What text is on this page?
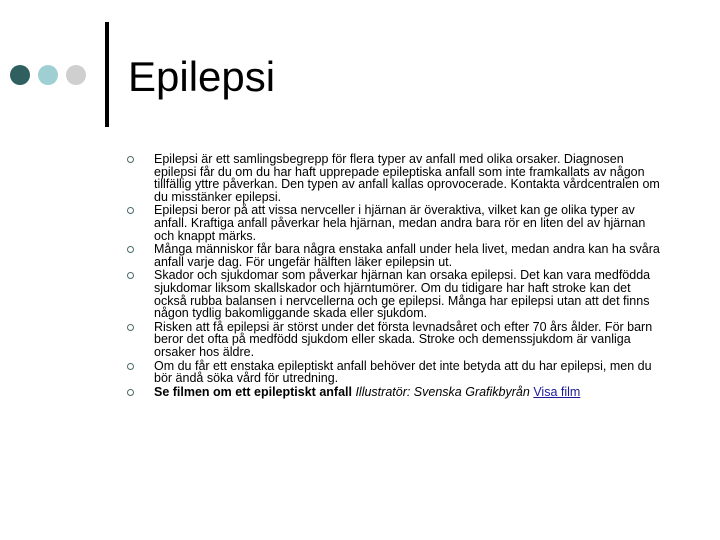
Epilepsi
Epilepsi är ett samlingsbegrepp för flera typer av anfall med olika orsaker. Diagnosen epilepsi får du om du har haft upprepade epileptiska anfall som inte framkallats av någon tillfällig yttre påverkan. Den typen av anfall kallas oprovocerade. Kontakta vårdcentralen om du misstänker epilepsi.
Epilepsi beror på att vissa nervceller i hjärnan är överaktiva, vilket kan ge olika typer av anfall. Kraftiga anfall påverkar hela hjärnan, medan andra bara rör en liten del av hjärnan och knappt märks.
Många människor får bara några enstaka anfall under hela livet, medan andra kan ha svåra anfall varje dag. För ungefär hälften läker epilepsin ut.
Skador och sjukdomar som påverkar hjärnan kan orsaka epilepsi. Det kan vara medfödda sjukdomar liksom skallskador och hjärntumörer. Om du tidigare har haft stroke kan det också rubba balansen i nervcellerna och ge epilepsi. Många har epilepsi utan att det finns någon tydlig bakomliggande skada eller sjukdom.
Risken att få epilepsi är störst under det första levnadsåret och efter 70 års ålder. För barn beror det ofta på medfödd sjukdom eller skada. Stroke och demenssjukdom är vanliga orsaker hos äldre.
Om du får ett enstaka epileptiskt anfall behöver det inte betyda att du har epilepsi, men du bör ändå söka vård för utredning.
Se filmen om ett epileptiskt anfall Illustratör: Svenska Grafikbyrån Visa film
